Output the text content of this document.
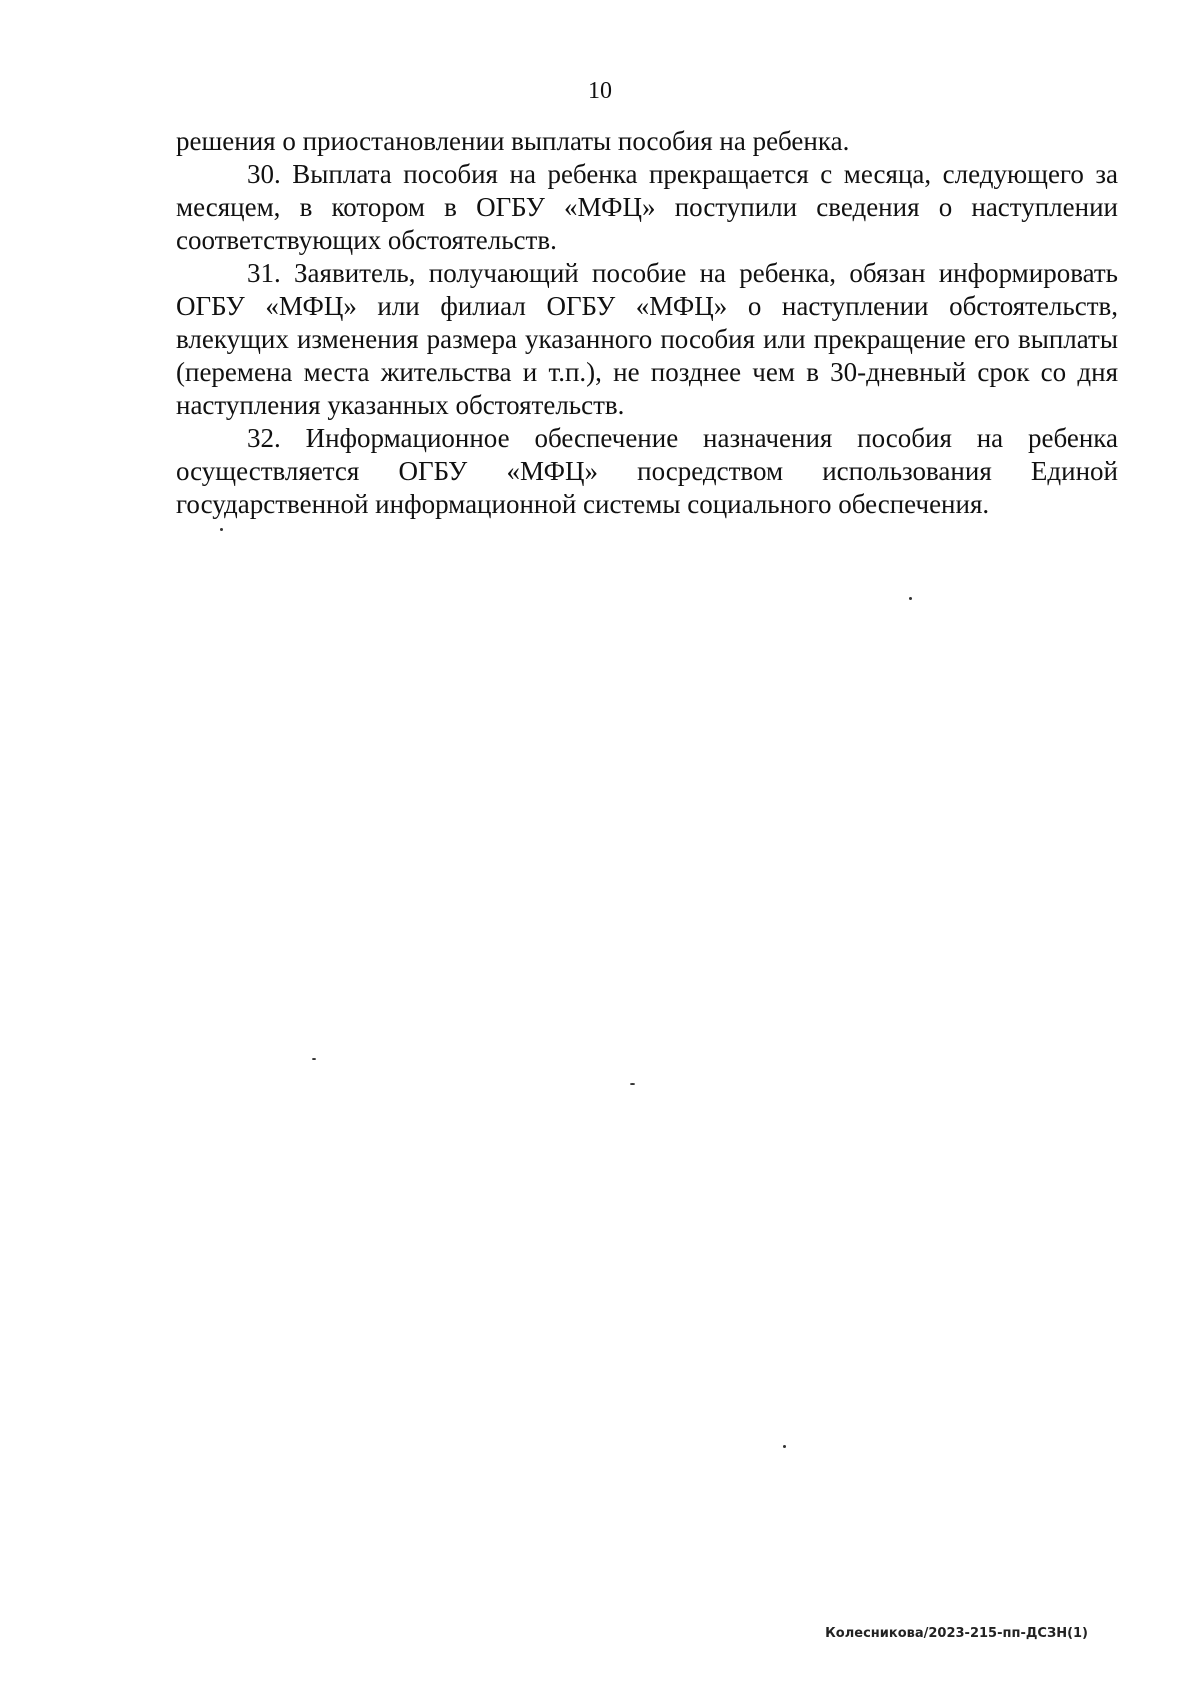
10

решения о приостановлении выплаты пособия на ребенка.

30. Выплата пособия на ребенка прекращается с месяца, следующего за месяцем, в котором в ОГБУ «МФЦ» поступили сведения о наступлении соответствующих обстоятельств.

31. Заявитель, получающий пособие на ребенка, обязан информировать ОГБУ «МФЦ» или филиал ОГБУ «МФЦ» о наступлении обстоятельств, влекущих изменения размера указанного пособия или прекращение его выплаты (перемена места жительства и т.п.), не позднее чем в 30-дневный срок со дня наступления указанных обстоятельств.

32. Информационное обеспечение назначения пособия на ребенка осуществляется ОГБУ «МФЦ» посредством использования Единой государственной информационной системы социального обеспечения.

Колесникова/2023-215-пп-ДСЗН(1)
